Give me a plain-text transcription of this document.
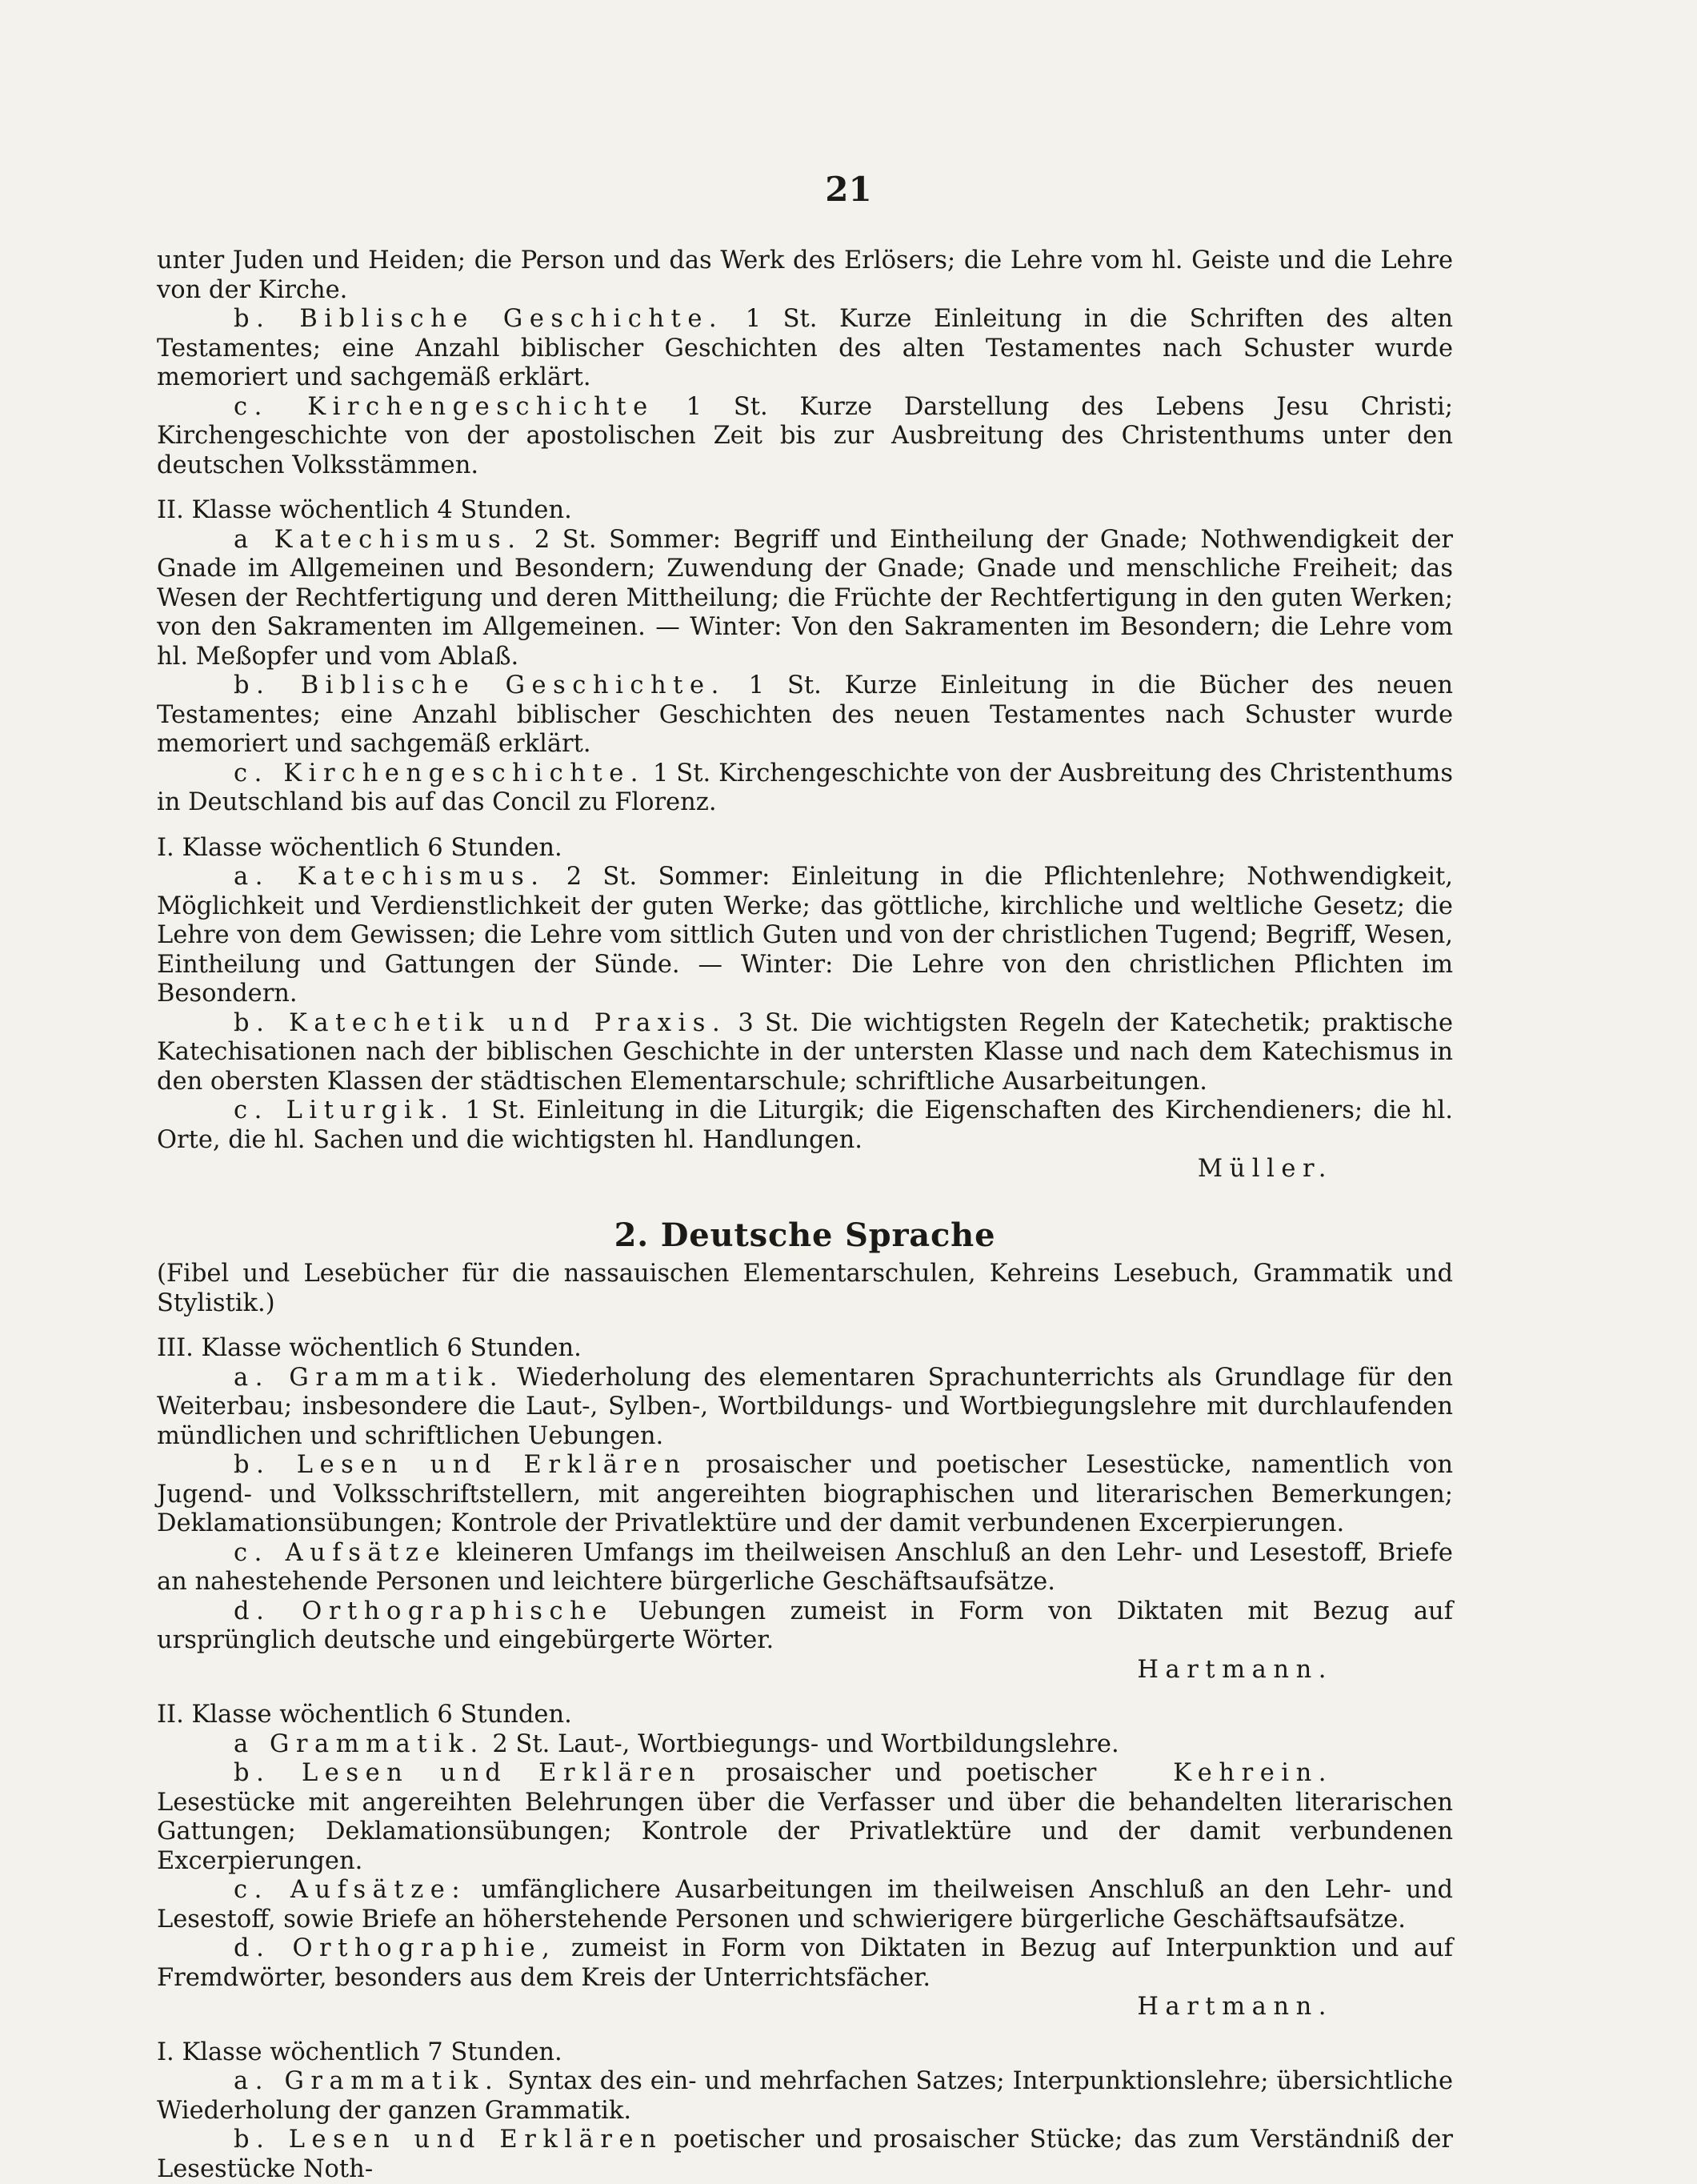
21

unter Juden und Heiden; die Person und das Werk des Erlösers; die Lehre vom hl. Geiste und die Lehre von der Kirche.

b. Biblische Geschichte. 1 St. Kurze Einleitung in die Schriften des alten Testamentes; eine Anzahl biblischer Geschichten des alten Testamentes nach Schuster wurde memoriert und sachgemäß erklärt.

c. Kirchengeschichte 1 St. Kurze Darstellung des Lebens Jesu Christi; Kirchengeschichte von der apostolischen Zeit bis zur Ausbreitung des Christenthums unter den deutschen Volksstämmen.

II. Klasse wöchentlich 4 Stunden.

a Katechismus. 2 St. Sommer: Begriff und Eintheilung der Gnade; Nothwendigkeit der Gnade im Allgemeinen und Besondern; Zuwendung der Gnade; Gnade und menschliche Freiheit; das Wesen der Rechtfertigung und deren Mittheilung; die Früchte der Rechtfertigung in den guten Werken; von den Sakramenten im Allgemeinen. — Winter: Von den Sakramenten im Besondern; die Lehre vom hl. Meßopfer und vom Ablaß.

b. Biblische Geschichte. 1 St. Kurze Einleitung in die Bücher des neuen Testamentes; eine Anzahl biblischer Geschichten des neuen Testamentes nach Schuster wurde memoriert und sachgemäß erklärt.

c. Kirchengeschichte. 1 St. Kirchengeschichte von der Ausbreitung des Christenthums in Deutschland bis auf das Concil zu Florenz.

I. Klasse wöchentlich 6 Stunden.

a. Katechismus. 2 St. Sommer: Einleitung in die Pflichtenlehre; Nothwendigkeit, Möglichkeit und Verdienstlichkeit der guten Werke; das göttliche, kirchliche und weltliche Gesetz; die Lehre von dem Gewissen; die Lehre vom sittlich Guten und von der christlichen Tugend; Begriff, Wesen, Eintheilung und Gattungen der Sünde. — Winter: Die Lehre von den christlichen Pflichten im Besondern.

b. Katechetik und Praxis. 3 St. Die wichtigsten Regeln der Katechetik; praktische Katechisationen nach der biblischen Geschichte in der untersten Klasse und nach dem Katechismus in den obersten Klassen der städtischen Elementarschule; schriftliche Ausarbeitungen.

c. Liturgik. 1 St. Einleitung in die Liturgik; die Eigenschaften des Kirchendieners; die hl. Orte, die hl. Sachen und die wichtigsten hl. Handlungen.

Müller.

2. Deutsche Sprache

(Fibel und Lesebücher für die nassauischen Elementarschulen, Kehreins Lesebuch, Grammatik und Stylistik.)

III. Klasse wöchentlich 6 Stunden.

a. Grammatik. Wiederholung des elementaren Sprachunterrichts als Grundlage für den Weiterbau; insbesondere die Laut-, Sylben-, Wortbildungs- und Wortbiegungslehre mit durchlaufenden mündlichen und schriftlichen Uebungen.

b. Lesen und Erklären prosaischer und poetischer Lesestücke, namentlich von Jugend- und Volksschriftstellern, mit angereihten biographischen und literarischen Bemerkungen; Deklamationsübungen; Kontrole der Privatlektüre und der damit verbundenen Excerpierungen.

c. Aufsätze kleineren Umfangs im theilweisen Anschluß an den Lehr- und Lesestoff, Briefe an nahestehende Personen und leichtere bürgerliche Geschäftsaufsätze.

d. Orthographische Uebungen zumeist in Form von Diktaten mit Bezug auf ursprünglich deutsche und eingebürgerte Wörter.

Hartmann.

II. Klasse wöchentlich 6 Stunden.

a Grammatik. 2 St. Laut-, Wortbiegungs- und Wortbildungslehre.
Kehrein.

b. Lesen und Erklären prosaischer und poetischer Lesestücke mit angereihten Belehrungen über die Verfasser und über die behandelten literarischen Gattungen; Deklamationsübungen; Kontrole der Privatlektüre und der damit verbundenen Excerpierungen.

c. Aufsätze: umfänglichere Ausarbeitungen im theilweisen Anschluß an den Lehr- und Lesestoff, sowie Briefe an höherstehende Personen und schwierigere bürgerliche Geschäftsaufsätze.

d. Orthographie, zumeist in Form von Diktaten in Bezug auf Interpunktion und auf Fremdwörter, besonders aus dem Kreis der Unterrichtsfächer.

Hartmann.

I. Klasse wöchentlich 7 Stunden.

a. Grammatik. Syntax des ein- und mehrfachen Satzes; Interpunktionslehre; übersichtliche Wiederholung der ganzen Grammatik.

b. Lesen und Erklären poetischer und prosaischer Stücke; das zum Verständniß der Lesestücke Noth-
